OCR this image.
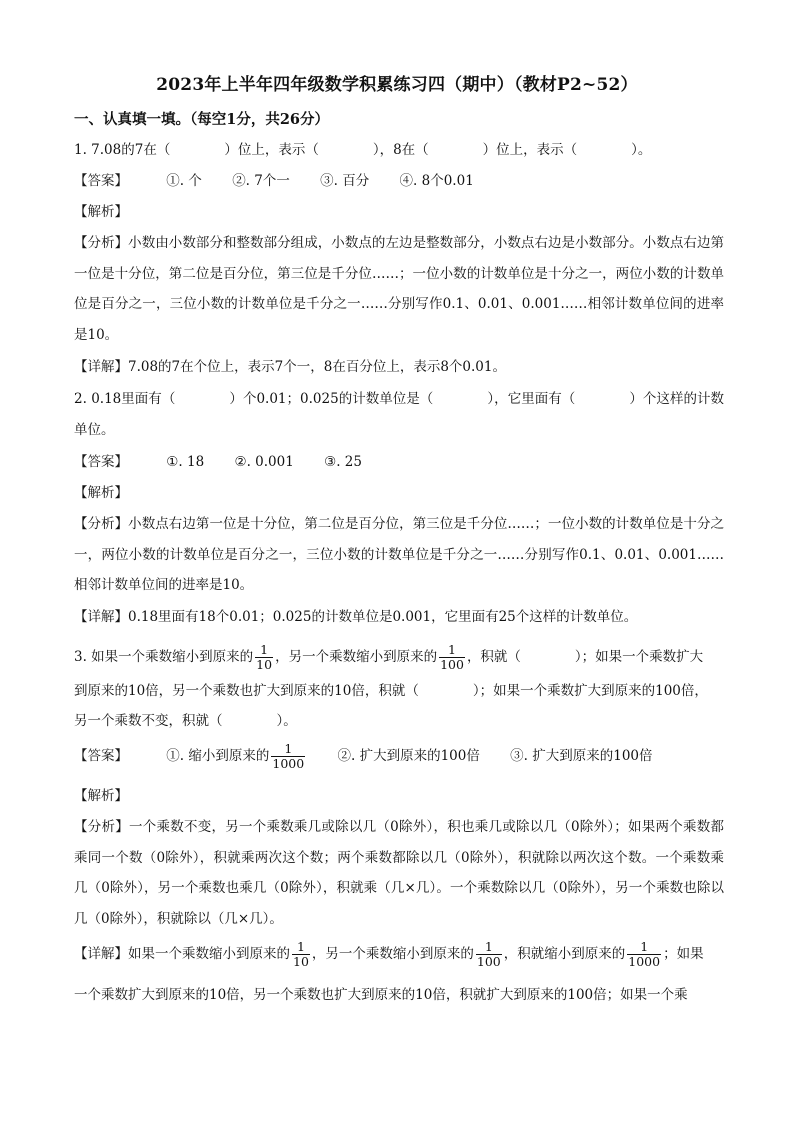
2023年上半年四年级数学积累练习四（期中）（教材P2~52）
一、认真填一填。（每空1分，共26分）
1. 7.08的7在（　　　　）位上，表示（　　　　），8在（　　　　）位上，表示（　　　　）。
【答案】	①. 个 ②. 7个一 ③. 百分 ④. 8个0.01
【解析】
【分析】小数由小数部分和整数部分组成，小数点的左边是整数部分，小数点右边是小数部分。小数点右边第一位是十分位，第二位是百分位，第三位是千分位……；一位小数的计数单位是十分之一，两位小数的计数单位是百分之一，三位小数的计数单位是千分之一……分别写作0.1、0.01、0.001……相邻计数单位间的进率是10。
【详解】7.08的7在个位上，表示7个一，8在百分位上，表示8个0.01。
2. 0.18里面有（　　　　）个0.01；0.025的计数单位是（　　　　），它里面有（　　　　）个这样的计数单位。
【答案】	①. 18 ②. 0.001 ③. 25
【解析】
【分析】小数点右边第一位是十分位，第二位是百分位，第三位是千分位……；一位小数的计数单位是十分之一，两位小数的计数单位是百分之一，三位小数的计数单位是千分之一……分别写作0.1、0.01、0.001……相邻计数单位间的进率是10。
【详解】0.18里面有18个0.01；0.025的计数单位是0.001，它里面有25个这样的计数单位。
3. 如果一个乘数缩小到原来的 $\frac{1}{10}$ ，另一个乘数缩小到原来的 $\frac{1}{100}$ ，积就（　　　　）；如果一个乘数扩大
到原来的10倍，另一个乘数也扩大到原来的10倍，积就（　　　　）；如果一个乘数扩大到原来的100倍，
另一个乘数不变，积就（　　　　）。
【答案】	①. 缩小到原来的 $\frac{1}{1000}$ ②. 扩大到原来的100倍 ③. 扩大到原来的100倍
【解析】
【分析】一个乘数不变，另一个乘数乘几或除以几（0除外），积也乘几或除以几（0除外）；如果两个乘数都乘同一个数（0除外），积就乘两次这个数；两个乘数都除以几（0除外），积就除以两次这个数。一个乘数乘几（0除外），另一个乘数也乘几（0除外），积就乘（几×几）。一个乘数除以几（0除外），另一个乘数也除以几（0除外），积就除以（几×几）。
【详解】如果一个乘数缩小到原来的 $\frac{1}{10}$ ，另一个乘数缩小到原来的 $\frac{1}{100}$ ，积就缩小到原来的 $\frac{1}{1000}$ ；如果
一个乘数扩大到原来的10倍，另一个乘数也扩大到原来的10倍，积就扩大到原来的100倍；如果一个乘
